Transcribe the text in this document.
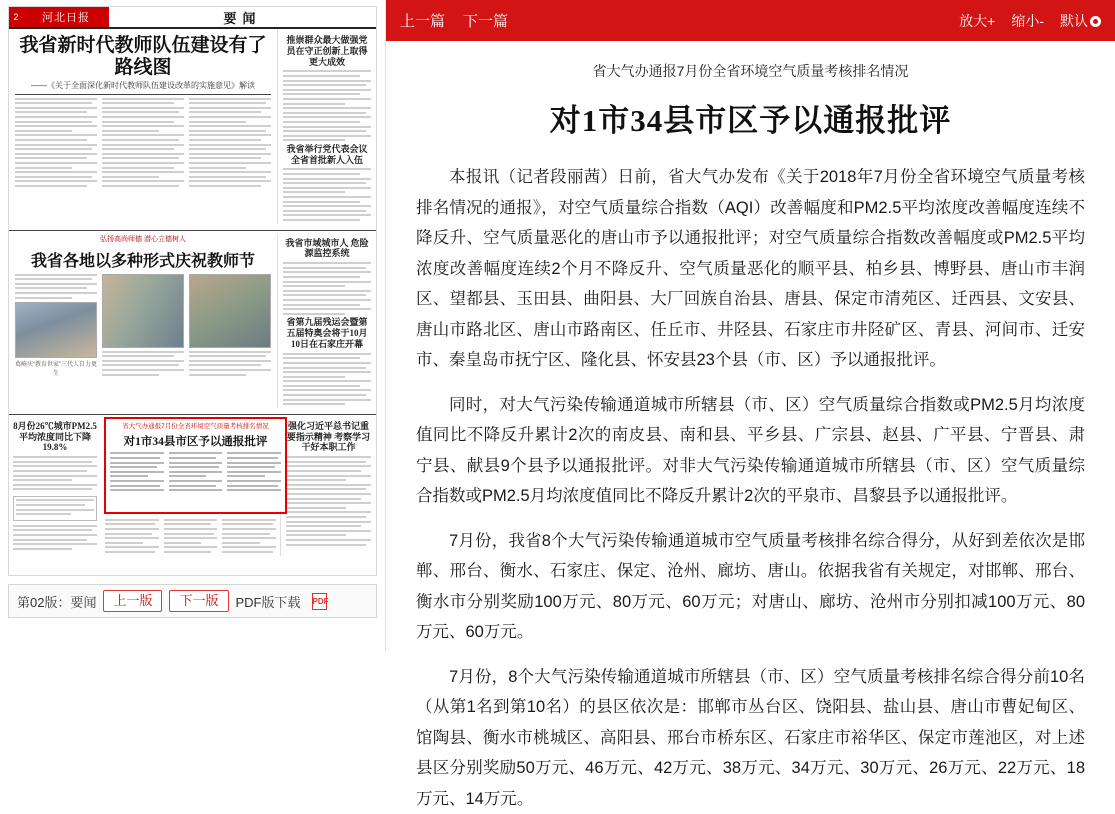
2	河北日报	要闻
我省新时代教师队伍建设有了路线图
——《关于全面深化新时代教师队伍建设改革的实施意见》解读
推崇群众最大做强党员在守正创新上取得更大成效
我省举行党代表会议 全省首批新人入伍
弘扬高尚师德 潜心立德树人
我省各地以多种形式庆祝教师节
葛崎庆“教育世家”三代人自力更生
我省市域城市人 危险源监控系统
省第九届残运会暨第五届特奥会将于10月10日在石家庄开幕
8月份26℃城市PM2.5平均浓度同比下降19.8%
强化习近平总书记重要指示精神 考察学习干好本职工作
省大气办通报7月份全省环境空气质量考核排名情况
对1市34县市区予以通报批评
第02版：要闻	上一版	下一版	PDF版下载 PDF
上一篇 下一篇	放大+ 缩小- 默认
省大气办通报7月份全省环境空气质量考核排名情况
对1市34县市区予以通报批评

本报讯（记者段丽茜）日前，省大气办发布《关于2018年7月份全省环境空气质量考核排名情况的通报》，对空气质量综合指数（AQI）改善幅度和PM2.5平均浓度改善幅度连续不降反升、空气质量恶化的唐山市予以通报批评；对空气质量综合指数改善幅度或PM2.5平均浓度改善幅度连续2个月不降反升、空气质量恶化的顺平县、柏乡县、博野县、唐山市丰润区、望都县、玉田县、曲阳县、大厂回族自治县、唐县、保定市清苑区、迁西县、文安县、唐山市路北区、唐山市路南区、任丘市、井陉县、石家庄市井陉矿区、青县、河间市、迁安市、秦皇岛市抚宁区、隆化县、怀安县23个县（市、区）予以通报批评。

同时，对大气污染传输通道城市所辖县（市、区）空气质量综合指数或PM2.5月均浓度值同比不降反升累计2次的南皮县、南和县、平乡县、广宗县、赵县、广平县、宁晋县、肃宁县、献县9个县予以通报批评。对非大气污染传输通道城市所辖县（市、区）空气质量综合指数或PM2.5月均浓度值同比不降反升累计2次的平泉市、昌黎县予以通报批评。

7月份，我省8个大气污染传输通道城市空气质量考核排名综合得分，从好到差依次是邯郸、邢台、衡水、石家庄、保定、沧州、廊坊、唐山。依据我省有关规定，对邯郸、邢台、衡水市分别奖励100万元、80万元、60万元；对唐山、廊坊、沧州市分别扣减100万元、80万元、60万元。

7月份，8个大气污染传输通道城市所辖县（市、区）空气质量考核排名综合得分前10名（从第1名到第10名）的县区依次是：邯郸市丛台区、饶阳县、盐山县、唐山市曹妃甸区、馆陶县、衡水市桃城区、高阳县、邢台市桥东区、石家庄市裕华区、保定市莲池区，对上述县区分别奖励50万元、46万元、42万元、38万元、34万元、30万元、26万元、22万元、18万元、14万元。
